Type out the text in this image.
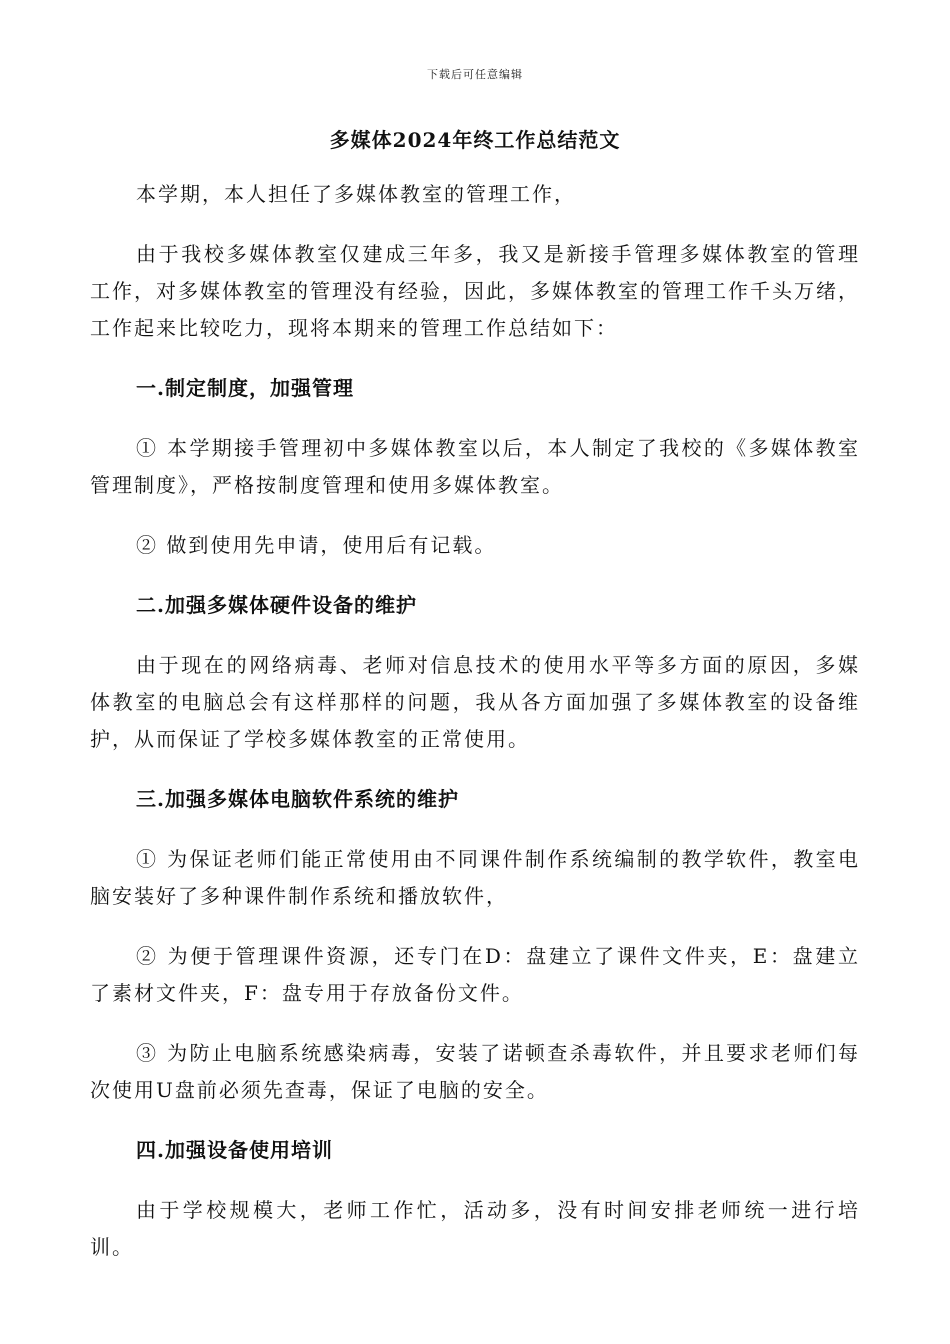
下载后可任意编辑
多媒体2024年终工作总结范文

本学期，本人担任了多媒体教室的管理工作，

由于我校多媒体教室仅建成三年多，我又是新接手管理多媒体教室的管理工作，对多媒体教室的管理没有经验，因此，多媒体教室的管理工作千头万绪，工作起来比较吃力，现将本期来的管理工作总结如下：

一.制定制度，加强管理

① 本学期接手管理初中多媒体教室以后，本人制定了我校的《多媒体教室管理制度》，严格按制度管理和使用多媒体教室。

② 做到使用先申请，使用后有记载。

二.加强多媒体硬件设备的维护

由于现在的网络病毒、老师对信息技术的使用水平等多方面的原因，多媒体教室的电脑总会有这样那样的问题，我从各方面加强了多媒体教室的设备维护，从而保证了学校多媒体教室的正常使用。

三.加强多媒体电脑软件系统的维护

① 为保证老师们能正常使用由不同课件制作系统编制的教学软件，教室电脑安装好了多种课件制作系统和播放软件，

② 为便于管理课件资源，还专门在D：盘建立了课件文件夹，E：盘建立了素材文件夹，F：盘专用于存放备份文件。

③ 为防止电脑系统感染病毒，安装了诺顿查杀毒软件，并且要求老师们每次使用U盘前必须先查毒，保证了电脑的安全。

四.加强设备使用培训

由于学校规模大，老师工作忙，活动多，没有时间安排老师统一进行培训。
